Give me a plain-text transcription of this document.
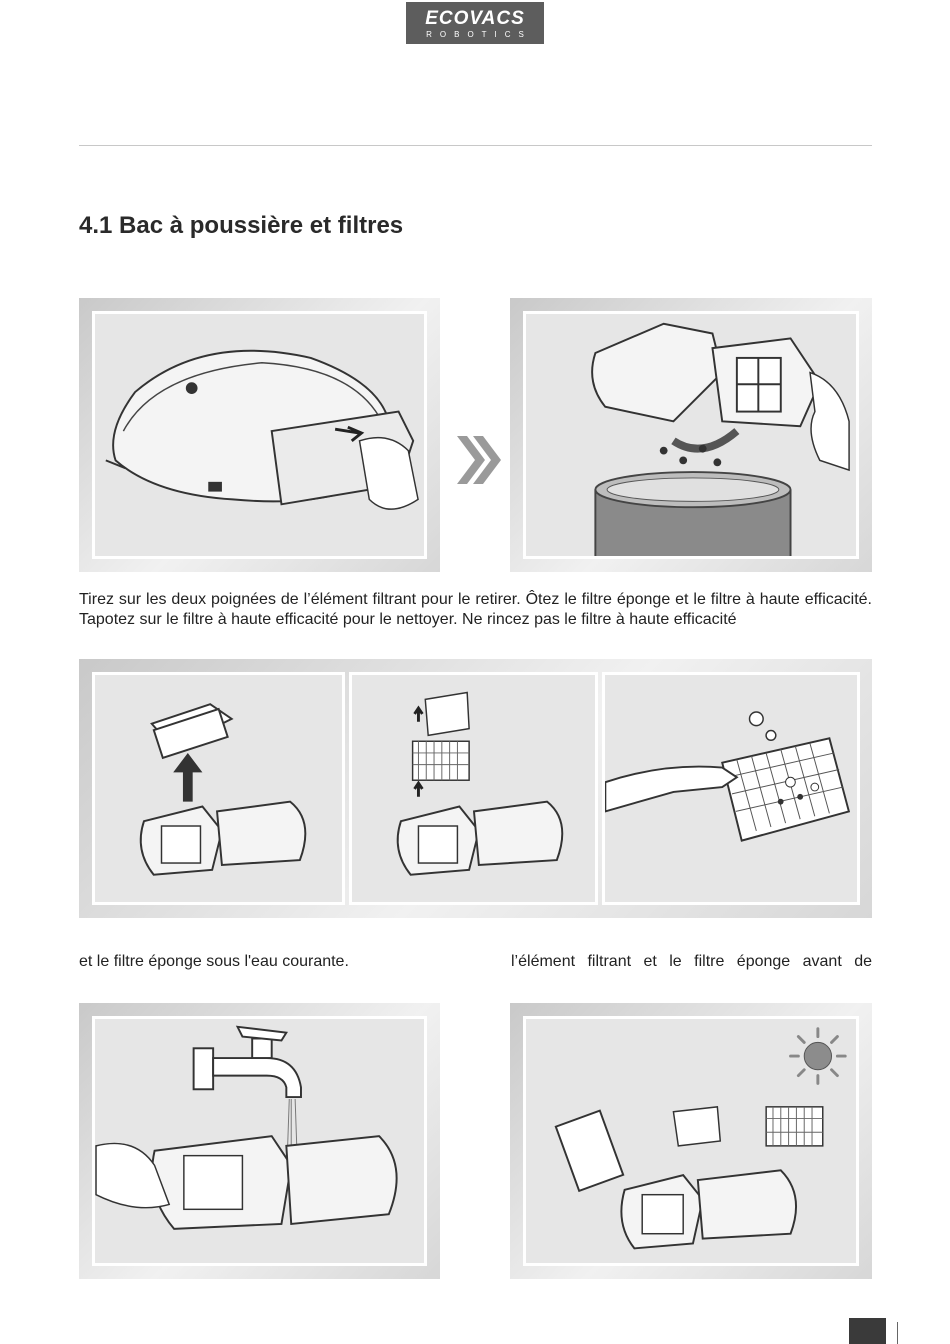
ECOVACS
ROBOTICS
4.1 Bac à poussière et filtres

Tirez sur les deux poignées de l’élément filtrant pour le retirer. Ôtez le filtre éponge et le filtre à haute efficacité. Tapotez sur le filtre à haute efficacité pour le nettoyer. Ne rincez pas le filtre à haute efficacité

et le filtre éponge sous l'eau courante.	l’élément filtrant et le filtre éponge avant de
